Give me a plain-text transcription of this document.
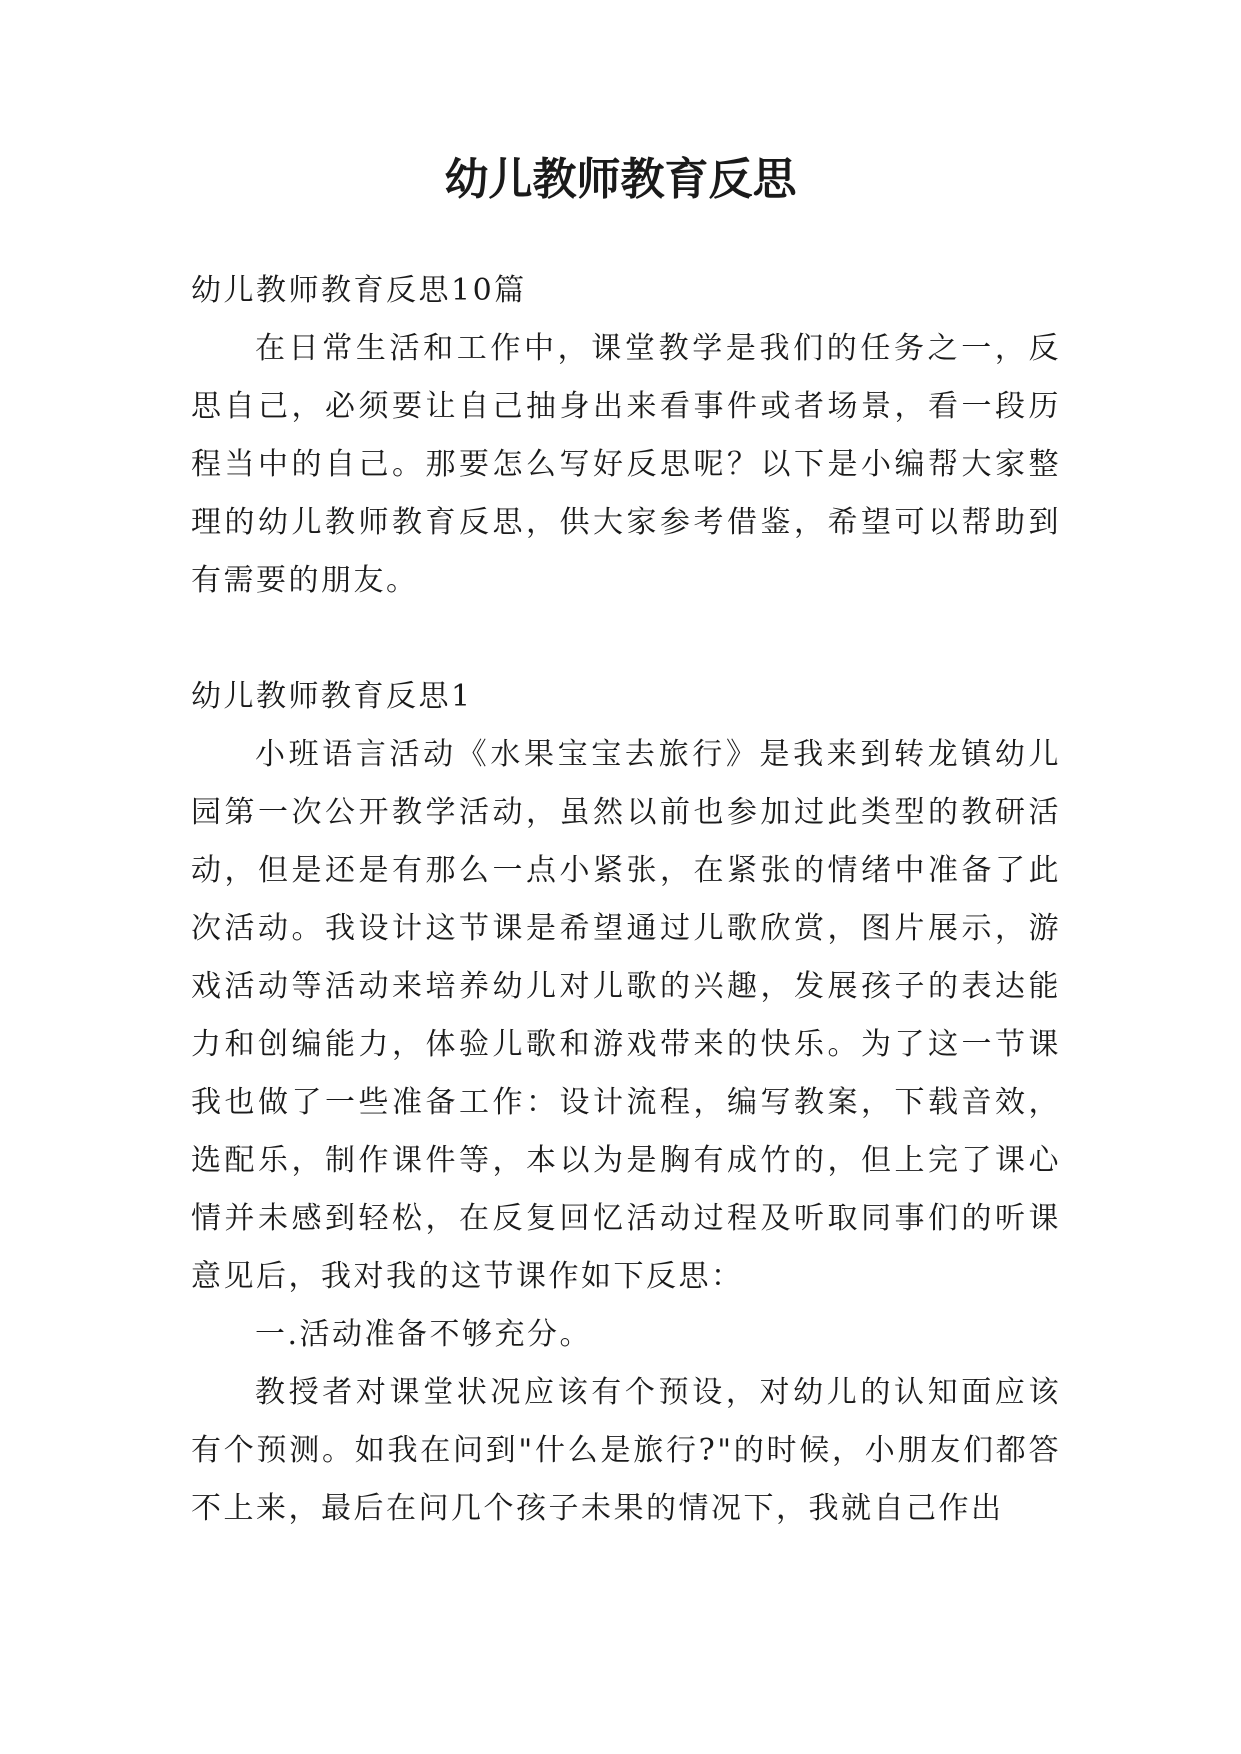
幼儿教师教育反思

幼儿教师教育反思10篇

在日常生活和工作中，课堂教学是我们的任务之一，反思自己，必须要让自己抽身出来看事件或者场景，看一段历程当中的自己。那要怎么写好反思呢？以下是小编帮大家整理的幼儿教师教育反思，供大家参考借鉴，希望可以帮助到有需要的朋友。

幼儿教师教育反思1

小班语言活动《水果宝宝去旅行》是我来到转龙镇幼儿园第一次公开教学活动，虽然以前也参加过此类型的教研活动，但是还是有那么一点小紧张，在紧张的情绪中准备了此次活动。我设计这节课是希望通过儿歌欣赏，图片展示，游戏活动等活动来培养幼儿对儿歌的兴趣，发展孩子的表达能力和创编能力，体验儿歌和游戏带来的快乐。为了这一节课我也做了一些准备工作：设计流程，编写教案，下载音效，选配乐，制作课件等，本以为是胸有成竹的，但上完了课心情并未感到轻松，在反复回忆活动过程及听取同事们的听课意见后，我对我的这节课作如下反思：

一.活动准备不够充分。

教授者对课堂状况应该有个预设，对幼儿的认知面应该有个预测。如我在问到"什么是旅行?"的时候，小朋友们都答不上来，最后在问几个孩子未果的情况下，我就自己作出
